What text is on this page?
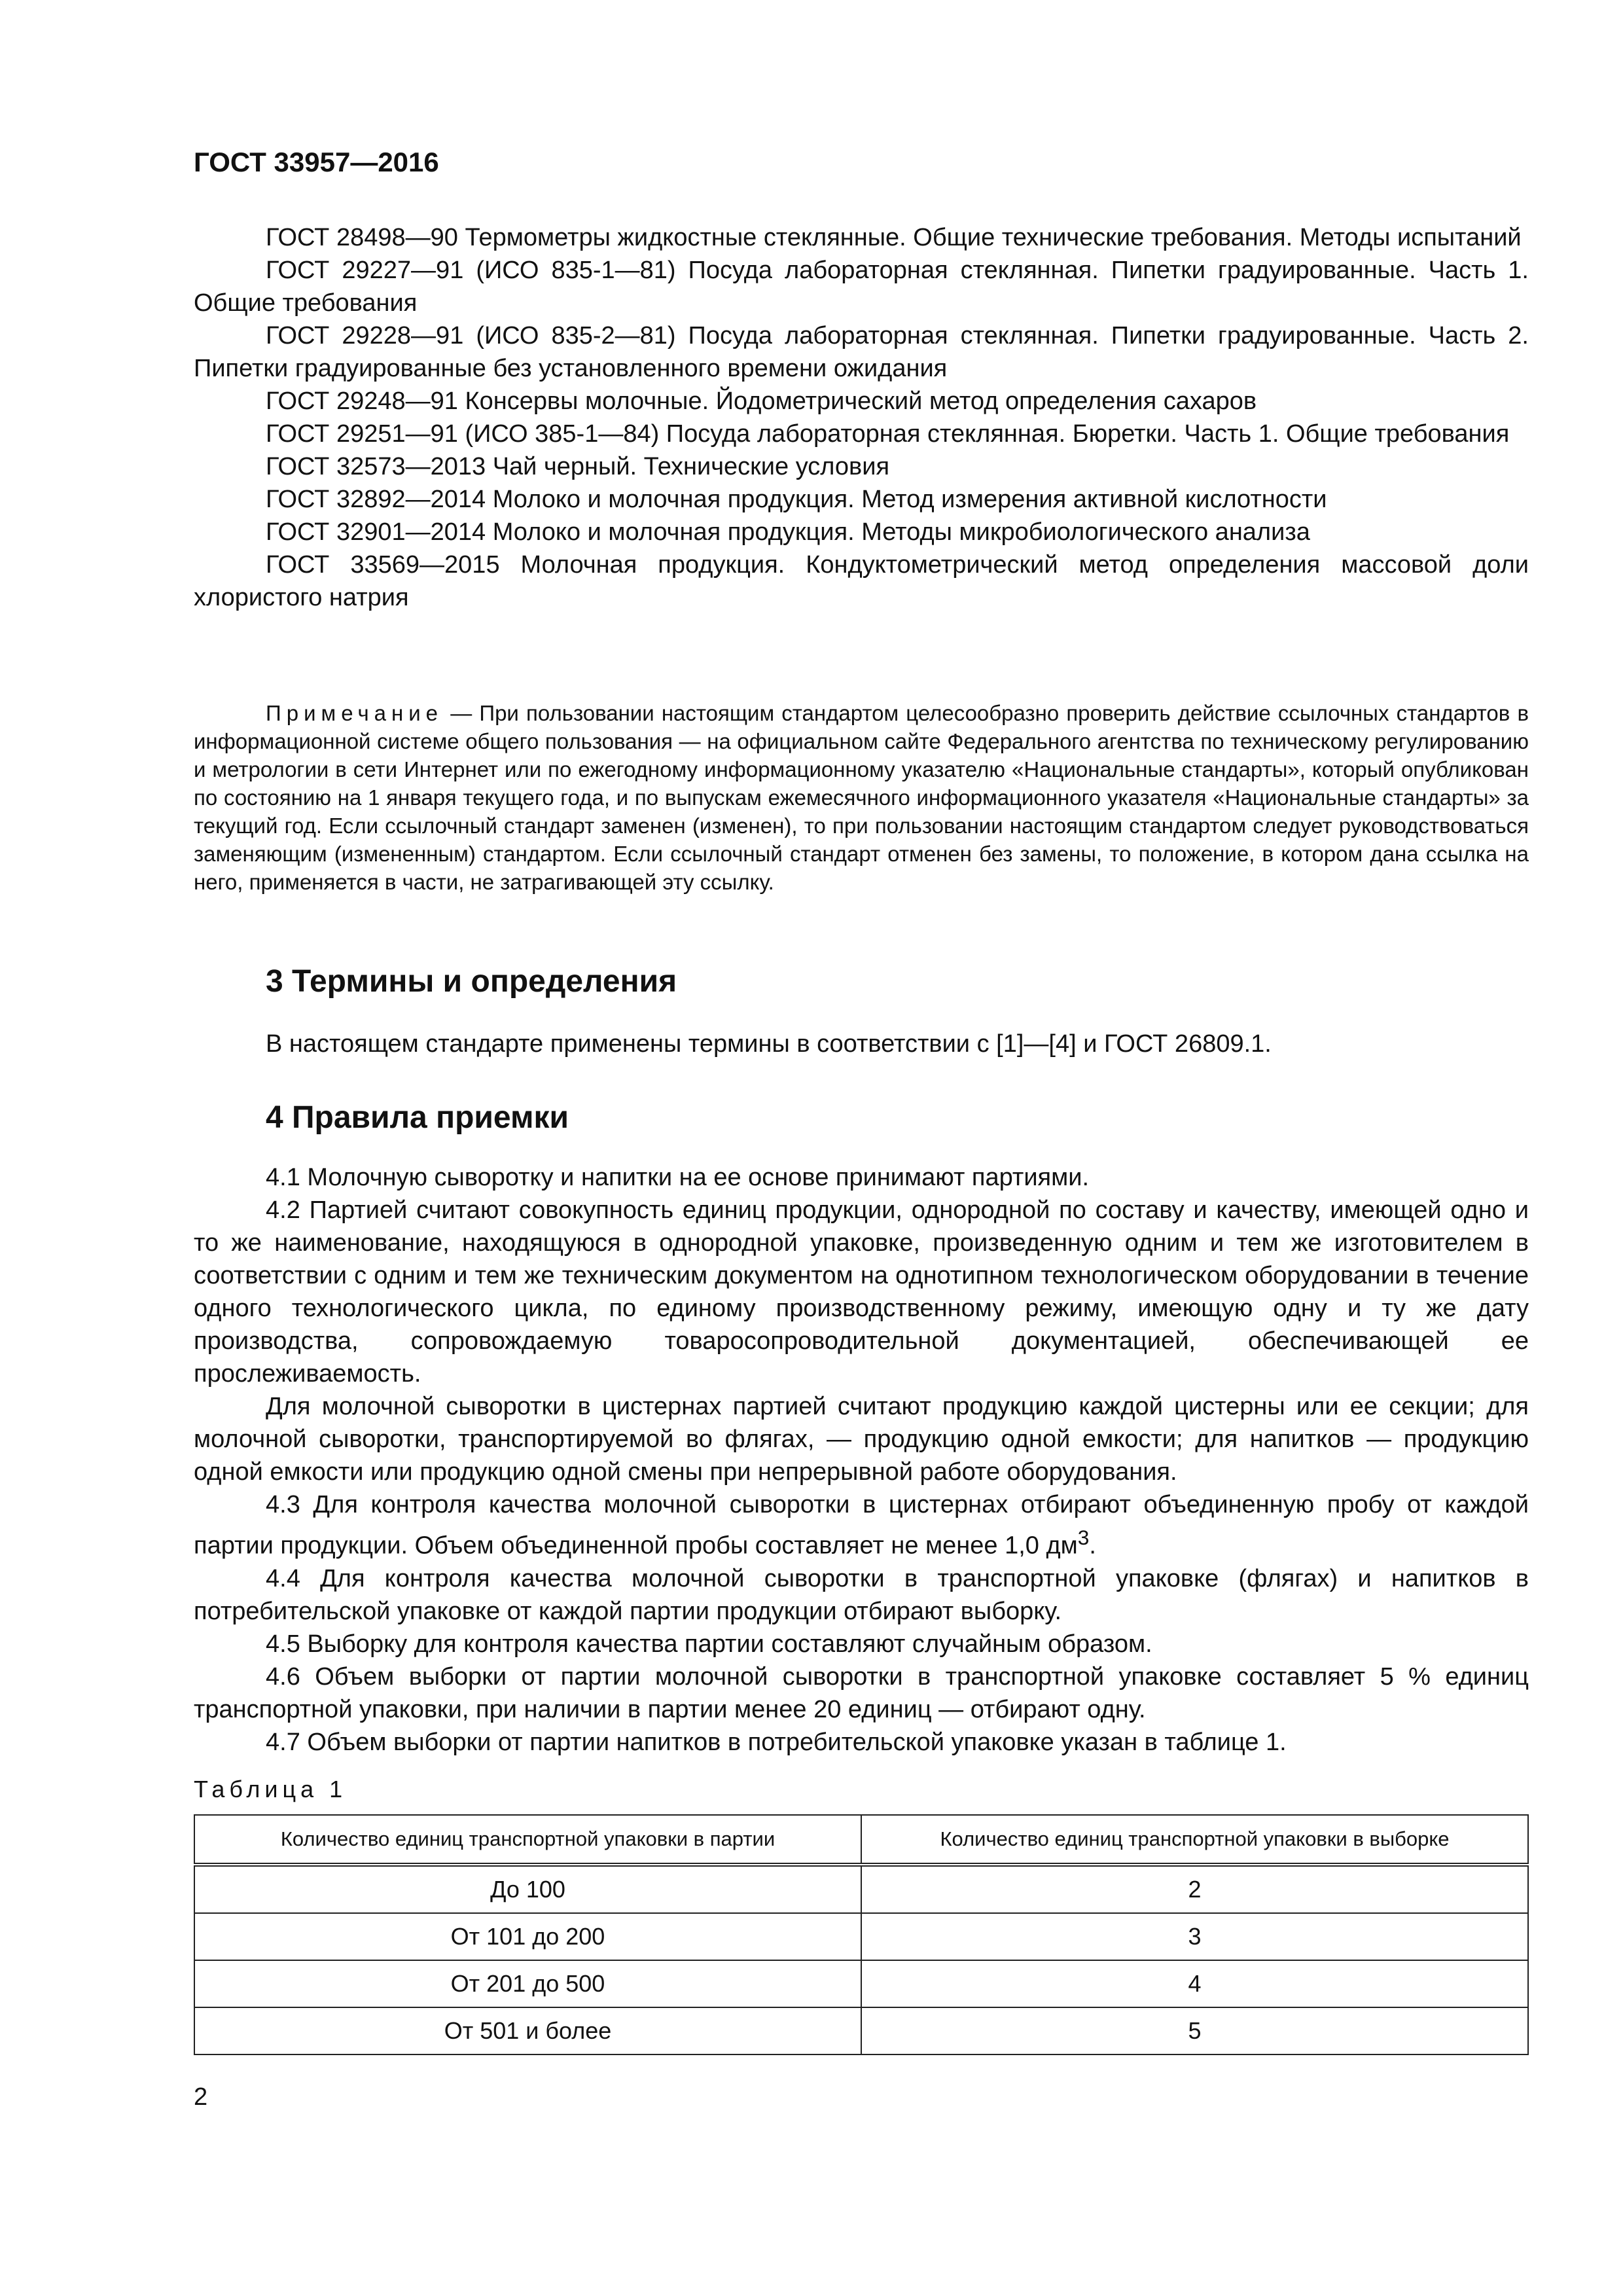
ГОСТ 33957—2016

ГОСТ 28498—90 Термометры жидкостные стеклянные. Общие технические требования. Методы испытаний

ГОСТ 29227—91 (ИСО 835-1—81) Посуда лабораторная стеклянная. Пипетки градуированные. Часть 1. Общие требования

ГОСТ 29228—91 (ИСО 835-2—81) Посуда лабораторная стеклянная. Пипетки градуированные. Часть 2. Пипетки градуированные без установленного времени ожидания

ГОСТ 29248—91 Консервы молочные. Йодометрический метод определения сахаров

ГОСТ 29251—91 (ИСО 385-1—84) Посуда лабораторная стеклянная. Бюретки. Часть 1. Общие требования

ГОСТ 32573—2013 Чай черный. Технические условия

ГОСТ 32892—2014 Молоко и молочная продукция. Метод измерения активной кислотности

ГОСТ 32901—2014 Молоко и молочная продукция. Методы микробиологического анализа

ГОСТ 33569—2015 Молочная продукция. Кондуктометрический метод определения массовой доли хлористого натрия

Примечание — При пользовании настоящим стандартом целесообразно проверить действие ссылочных стандартов в информационной системе общего пользования — на официальном сайте Федерального агентства по техническому регулированию и метрологии в сети Интернет или по ежегодному информационному указателю «Национальные стандарты», который опубликован по состоянию на 1 января текущего года, и по выпускам ежемесячного информационного указателя «Национальные стандарты» за текущий год. Если ссылочный стандарт заменен (изменен), то при пользовании настоящим стандартом следует руководствоваться заменяющим (измененным) стандартом. Если ссылочный стандарт отменен без замены, то положение, в котором дана ссылка на него, применяется в части, не затрагивающей эту ссылку.

3 Термины и определения

В настоящем стандарте применены термины в соответствии с [1]—[4] и ГОСТ 26809.1.

4 Правила приемки

4.1 Молочную сыворотку и напитки на ее основе принимают партиями.

4.2 Партией считают совокупность единиц продукции, однородной по составу и качеству, имеющей одно и то же наименование, находящуюся в однородной упаковке, произведенную одним и тем же изготовителем в соответствии с одним и тем же техническим документом на однотипном технологическом оборудовании в течение одного технологического цикла, по единому производственному режиму, имеющую одну и ту же дату производства, сопровождаемую товаросопроводительной документацией, обеспечивающей ее прослеживаемость.

Для молочной сыворотки в цистернах партией считают продукцию каждой цистерны или ее секции; для молочной сыворотки, транспортируемой во флягах, — продукцию одной емкости; для напитков — продукцию одной емкости или продукцию одной смены при непрерывной работе оборудования.

4.3 Для контроля качества молочной сыворотки в цистернах отбирают объединенную пробу от каждой партии продукции. Объем объединенной пробы составляет не менее 1,0 $дм^3$.

4.4 Для контроля качества молочной сыворотки в транспортной упаковке (флягах) и напитков в потребительской упаковке от каждой партии продукции отбирают выборку.

4.5 Выборку для контроля качества партии составляют случайным образом.

4.6 Объем выборки от партии молочной сыворотки в транспортной упаковке составляет 5 % единиц транспортной упаковки, при наличии в партии менее 20 единиц — отбирают одну.

4.7 Объем выборки от партии напитков в потребительской упаковке указан в таблице 1.

Таблица 1

Количество единиц транспортной упаковки в партии	Количество единиц транспортной упаковки в выборке
До 100	2
От 101 до 200	3
От 201 до 500	4
От 501 и более	5
2
